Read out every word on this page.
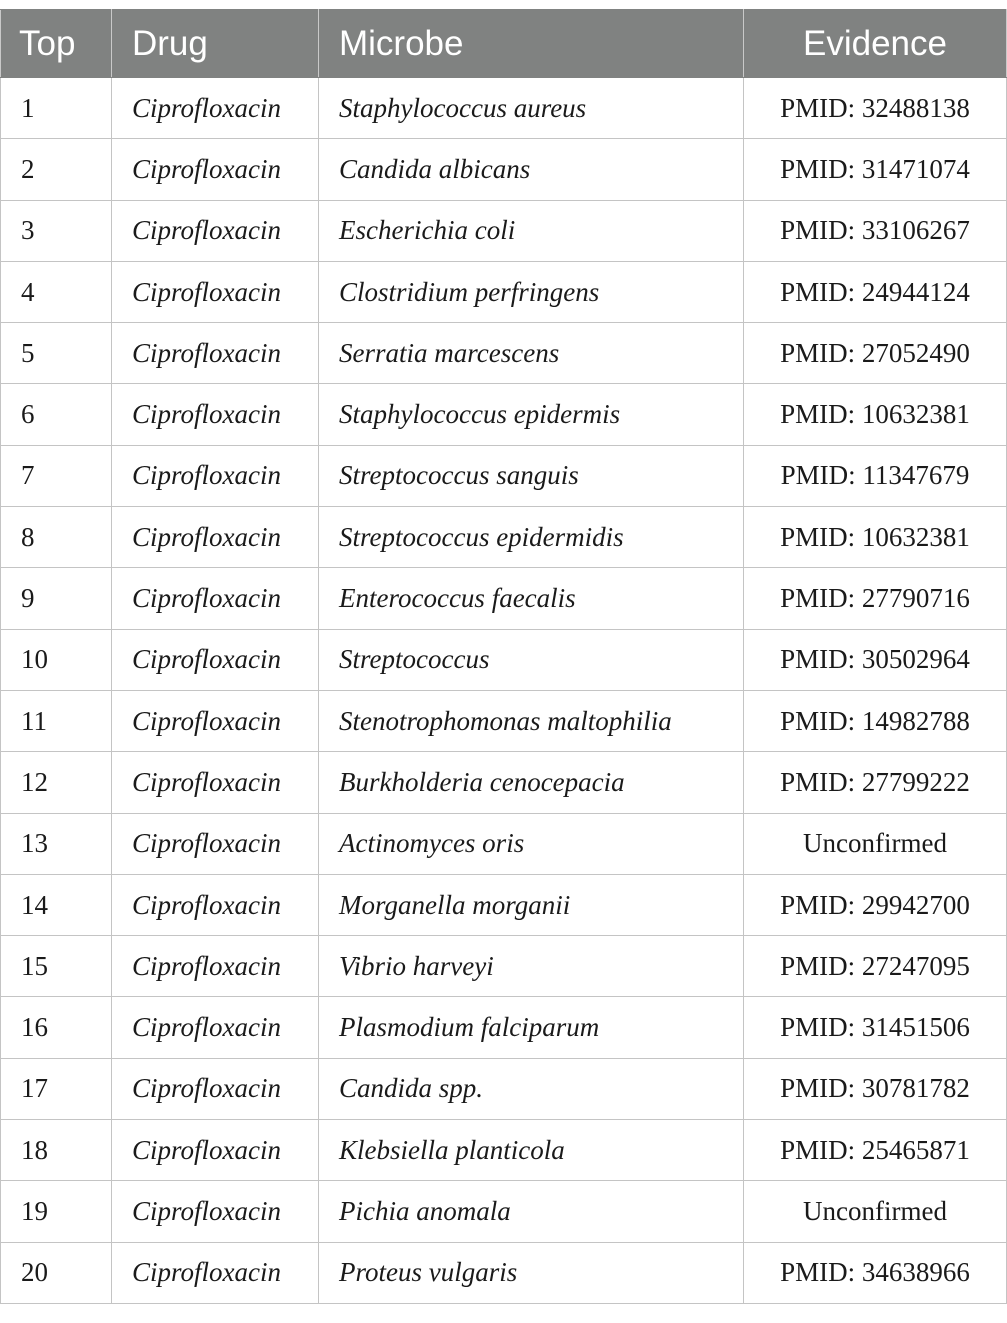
Top	Drug	Microbe	Evidence
1	Ciprofloxacin	Staphylococcus aureus	PMID: 32488138
2	Ciprofloxacin	Candida albicans	PMID: 31471074
3	Ciprofloxacin	Escherichia coli	PMID: 33106267
4	Ciprofloxacin	Clostridium perfringens	PMID: 24944124
5	Ciprofloxacin	Serratia marcescens	PMID: 27052490
6	Ciprofloxacin	Staphylococcus epidermis	PMID: 10632381
7	Ciprofloxacin	Streptococcus sanguis	PMID: 11347679
8	Ciprofloxacin	Streptococcus epidermidis	PMID: 10632381
9	Ciprofloxacin	Enterococcus faecalis	PMID: 27790716
10	Ciprofloxacin	Streptococcus	PMID: 30502964
11	Ciprofloxacin	Stenotrophomonas maltophilia	PMID: 14982788
12	Ciprofloxacin	Burkholderia cenocepacia	PMID: 27799222
13	Ciprofloxacin	Actinomyces oris	Unconfirmed
14	Ciprofloxacin	Morganella morganii	PMID: 29942700
15	Ciprofloxacin	Vibrio harveyi	PMID: 27247095
16	Ciprofloxacin	Plasmodium falciparum	PMID: 31451506
17	Ciprofloxacin	Candida spp.	PMID: 30781782
18	Ciprofloxacin	Klebsiella planticola	PMID: 25465871
19	Ciprofloxacin	Pichia anomala	Unconfirmed
20	Ciprofloxacin	Proteus vulgaris	PMID: 34638966
